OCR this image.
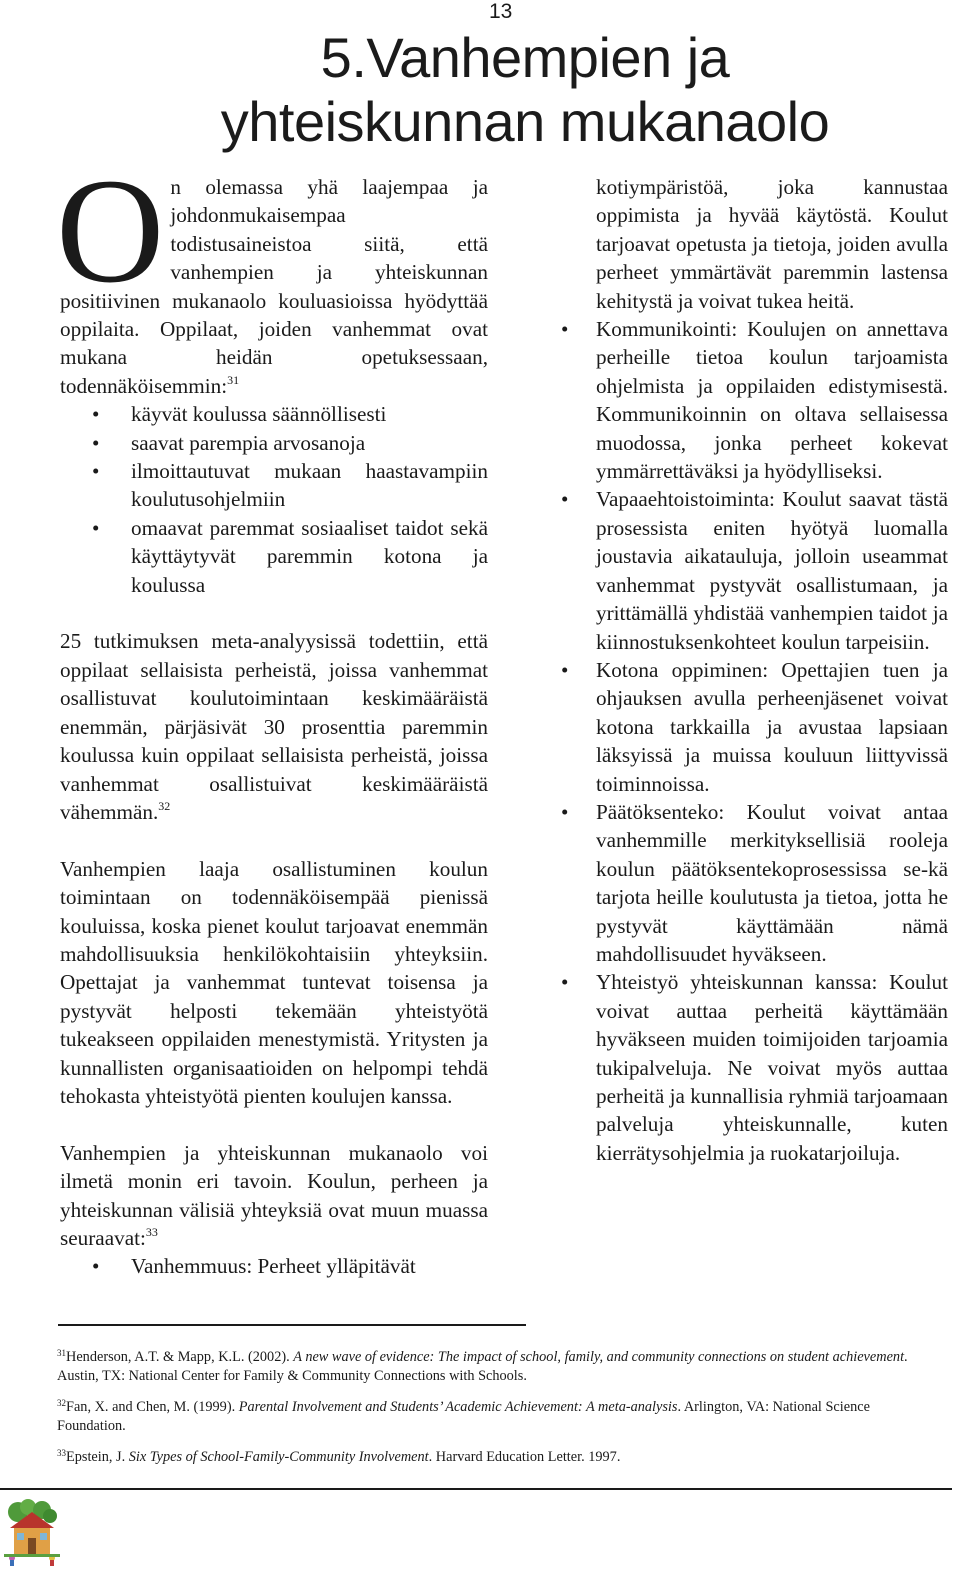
13
5.Vanhempien ja
yhteiskunnan mukanaolo

On olemassa yhä laajempaa ja johdonmukaisempaa todistusaineistoa siitä, että vanhempien ja yhteiskunnan positiivinen mukanaolo kouluasioissa hyödyttää oppilaita. Oppilaat, joiden vanhemmat ovat mukana heidän opetuksessaan, todennäköisemmin:$^{31}$

• käyvät koulussa säännöllisesti
• saavat parempia arvosanoja
• ilmoittautuvat mukaan haastavampiin koulutusohjelmiin
• omaavat paremmat sosiaaliset taidot sekä käyttäytyvät paremmin kotona ja koulussa

25 tutkimuksen meta-analyysissä todettiin, että oppilaat sellaisista perheistä, joissa vanhemmat osallistuvat koulutoimintaan keskimääräistä enemmän, pärjäsivät 30 prosenttia paremmin koulussa kuin oppilaat sellaisista perheistä, joissa vanhemmat osallistuivat keskimääräistä vähemmän.$^{32}$

Vanhempien laaja osallistuminen koulun toimintaan on todennäköisempää pienissä kouluissa, koska pienet koulut tarjoavat enemmän mahdollisuuksia henkilökohtaisiin yhteyksiin. Opettajat ja vanhemmat tuntevat toisensa ja pystyvät helposti tekemään yhteistyötä tukeakseen oppilaiden menestymistä. Yritysten ja kunnallisten organisaatioiden on helpompi tehdä tehokasta yhteistyötä pienten koulujen kanssa.

Vanhempien ja yhteiskunnan mukanaolo voi ilmetä monin eri tavoin. Koulun, perheen ja yhteiskunnan välisiä yhteyksiä ovat muun muassa seuraavat:$^{33}$

• Vanhemmuus: Perheet ylläpitävät
kotiympäristöä, joka kannustaa oppimista ja hyvää käytöstä. Koulut tarjoavat opetusta ja tietoja, joiden avulla perheet ymmärtävät paremmin lastensa kehitystä ja voivat tukea heitä.
• Kommunikointi: Koulujen on annettava perheille tietoa koulun tarjoamista ohjelmista ja oppilaiden edistymisestä. Kommunikoinnin on oltava sellaisessa muodossa, jonka perheet kokevat ymmärrettäväksi ja hyödylliseksi.
• Vapaaehtoistoiminta: Koulut saavat tästä prosessista eniten hyötyä luomalla joustavia aikatauluja, jolloin useammat vanhemmat pystyvät osallistumaan, ja yrittämällä yhdistää vanhempien taidot ja kiinnostuksenkohteet koulun tarpeisiin.
• Kotona oppiminen: Opettajien tuen ja ohjauksen avulla perheenjäsenet voivat kotona tarkkailla ja avustaa lapsiaan läksyissä ja muissa kouluun liittyvissä toiminnoissa.
• Päätöksenteko: Koulut voivat antaa vanhemmille merkityksellisiä rooleja koulun päätöksentekoprosessissa se-kä tarjota heille koulutusta ja tietoa, jotta he pystyvät käyttämään nämä mahdollisuudet hyväkseen.
• Yhteistyö yhteiskunnan kanssa: Koulut voivat auttaa perheitä käyttämään hyväkseen muiden toimijoiden tarjoamia tukipalveluja. Ne voivat myös auttaa perheitä ja kunnallisia ryhmiä tarjoamaan palveluja yhteiskunnalle, kuten kierrätysohjelmia ja ruokatarjoiluja.

$^{31}$Henderson, A.T. & Mapp, K.L. (2002). A new wave of evidence: The impact of school, family, and community connections on student achievement. Austin, TX: National Center for Family & Community Connections with Schools.

$^{32}$Fan, X. and Chen, M. (1999). Parental Involvement and Students’ Academic Achievement: A meta-analysis. Arlington, VA: National Science Foundation.

$^{33}$Epstein, J. Six Types of School-Family-Community Involvement. Harvard Education Letter. 1997.
